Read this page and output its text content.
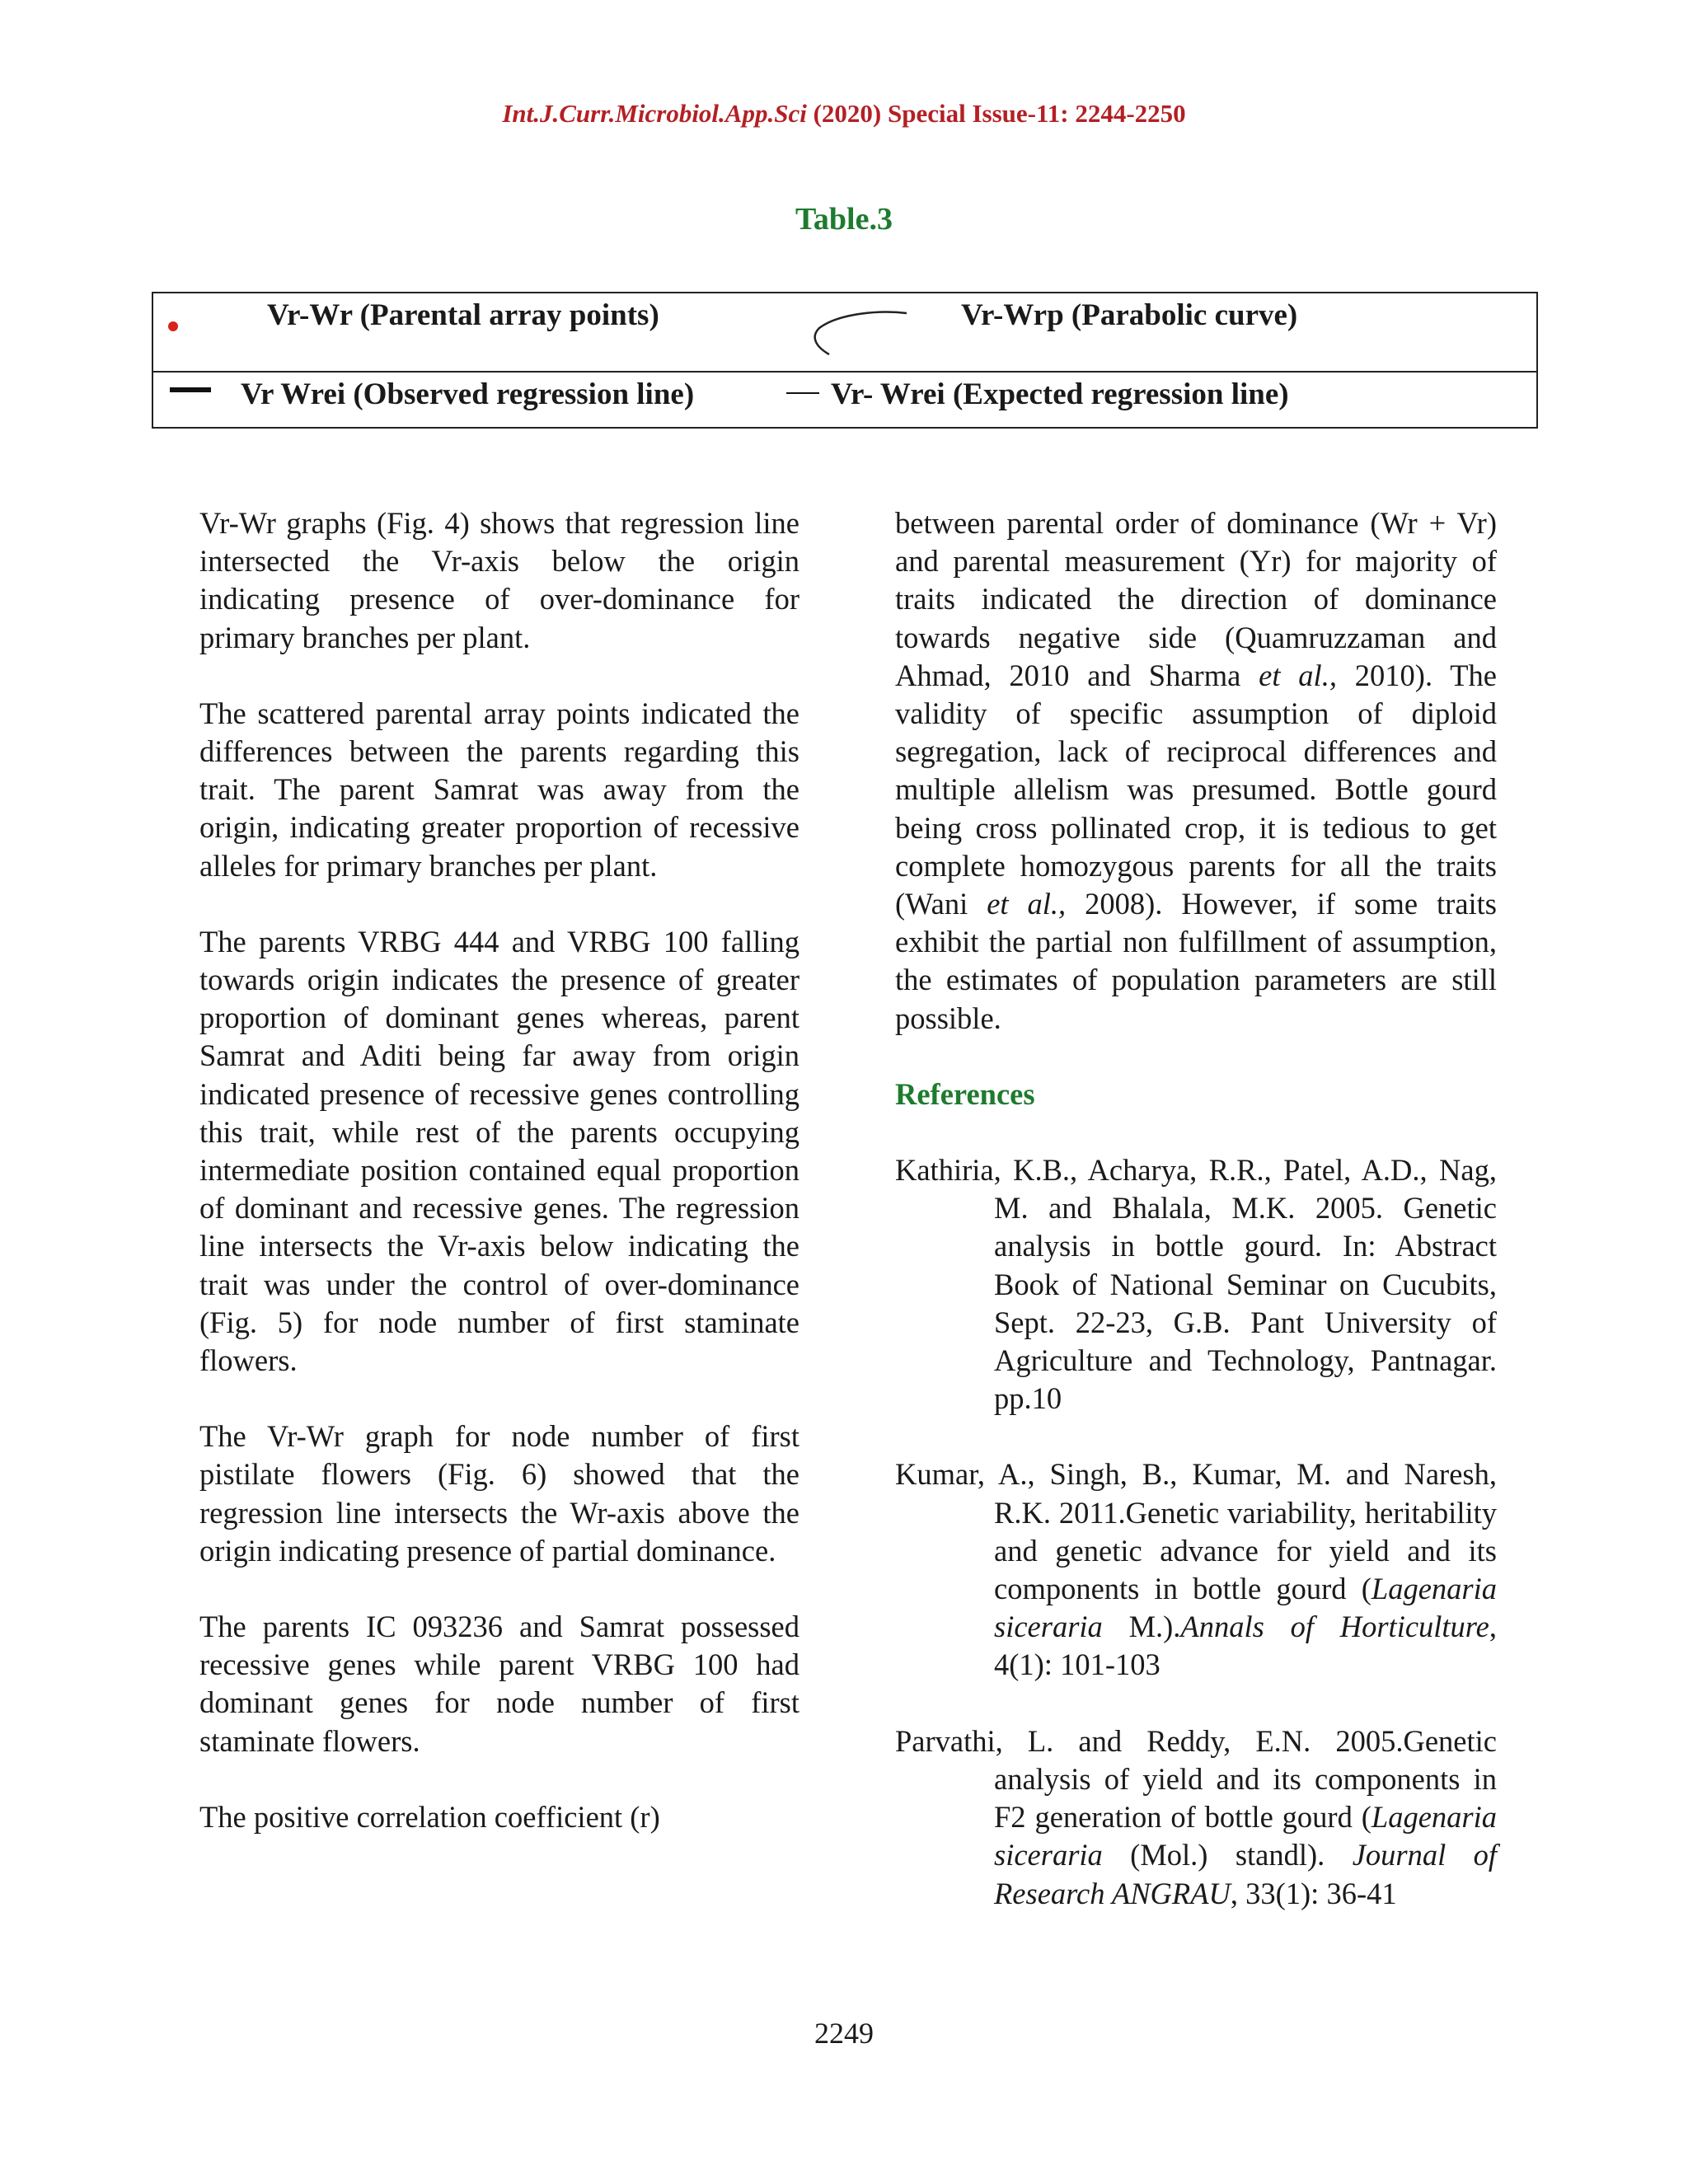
Int.J.Curr.Microbiol.App.Sci (2020) Special Issue-11: 2244-2250
Table.3
Vr-Wr (Parental array points)	Vr-Wrp (Parabolic curve)
Vr Wrei (Observed regression line)	Vr- Wrei (Expected regression line)

Vr-Wr graphs (Fig. 4) shows that regression line intersected the Vr-axis below the origin indicating presence of over-dominance for primary branches per plant.

The scattered parental array points indicated the differences between the parents regarding this trait. The parent Samrat was away from the origin, indicating greater proportion of recessive alleles for primary branches per plant.

The parents VRBG 444 and VRBG 100 falling towards origin indicates the presence of greater proportion of dominant genes whereas, parent Samrat and Aditi being far away from origin indicated presence of recessive genes controlling this trait, while rest of the parents occupying intermediate position contained equal proportion of dominant and recessive genes. The regression line intersects the Vr-axis below indicating the trait was under the control of over-dominance (Fig. 5) for node number of first staminate flowers.

The Vr-Wr graph for node number of first pistilate flowers (Fig. 6) showed that the regression line intersects the Wr-axis above the origin indicating presence of partial dominance.

The parents IC 093236 and Samrat possessed recessive genes while parent VRBG 100 had dominant genes for node number of first staminate flowers.

The positive correlation coefficient (r)

between parental order of dominance (Wr + Vr) and parental measurement (Yr) for majority of traits indicated the direction of dominance towards negative side (Quamruzzaman and Ahmad, 2010 and Sharma et al., 2010). The validity of specific assumption of diploid segregation, lack of reciprocal differences and multiple allelism was presumed. Bottle gourd being cross pollinated crop, it is tedious to get complete homozygous parents for all the traits (Wani et al., 2008). However, if some traits exhibit the partial non fulfillment of assumption, the estimates of population parameters are still possible.

References

Kathiria, K.B., Acharya, R.R., Patel, A.D., Nag, M. and Bhalala, M.K. 2005. Genetic analysis in bottle gourd. In: Abstract Book of National Seminar on Cucubits, Sept. 22-23, G.B. Pant University of Agriculture and Technology, Pantnagar. pp.10

Kumar, A., Singh, B., Kumar, M. and Naresh, R.K. 2011.Genetic variability, heritability and genetic advance for yield and its components in bottle gourd (Lagenaria siceraria M.).Annals of Horticulture, 4(1): 101-103

Parvathi, L. and Reddy, E.N. 2005.Genetic analysis of yield and its components in F2 generation of bottle gourd (Lagenaria siceraria (Mol.) standl). Journal of Research ANGRAU, 33(1): 36-41

2249
